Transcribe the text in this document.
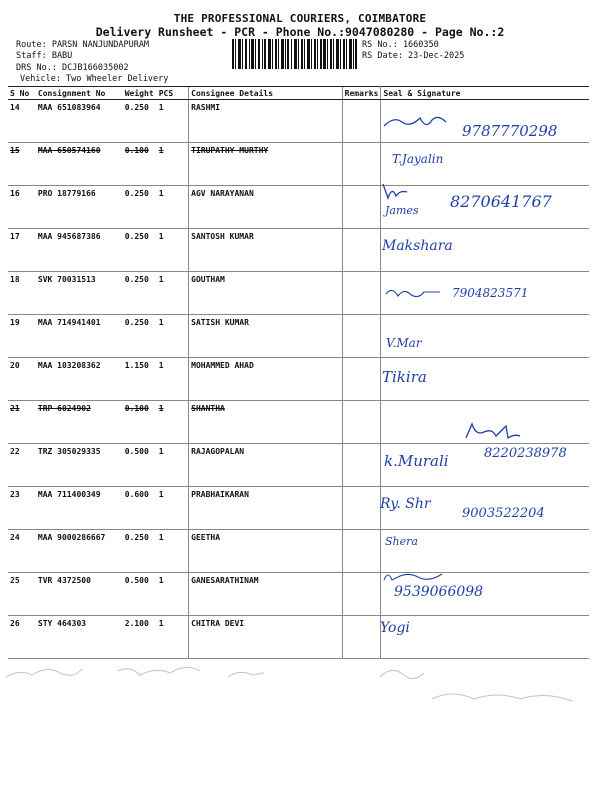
THE PROFESSIONAL COURIERS, COIMBATORE
Delivery Runsheet - PCR - Phone No.:9047080280 - Page No.:2
Route: PARSN NANJUNDAPURAM
Staff: BABU
DRS No.: DCJB166035002
Vehicle: Two Wheeler Delivery
RS No.: 1660350
RS Date: 23-Dec-2025
S No	Consignment No	Weight	PCS	Consignee Details	Remarks	Seal & Signature
14	MAA 651083964	0.250	1	RASHMI		
15	MAA 650574160	0.100	1	TIRUPATHY MURTHY		
16	PRO 18779166	0.250	1	AGV NARAYANAN		
17	MAA 945687386	0.250	1	SANTOSH KUMAR		
18	SVK 70031513	0.250	1	GOUTHAM		
19	MAA 714941401	0.250	1	SATISH KUMAR		
20	MAA 103208362	1.150	1	MOHAMMED AHAD		
21	TRP 6024902	0.100	1	SHANTHA		
22	TRZ 305029335	0.500	1	RAJAGOPALAN		
23	MAA 711400349	0.600	1	PRABHAIKARAN		
24	MAA 9000286667	0.250	1	GEETHA		
25	TVR 4372500	0.500	1	GANESARATHINAM		
26	STY 464303	2.100	1	CHITRA DEVI		
9787770298
T.Jayalin
James 8270641767
Makshara
7904823571
V.Mar
Tikira
k.Murali	8220238978
Ry. Shr
9003522204
Shera
9539066098
Yogi
